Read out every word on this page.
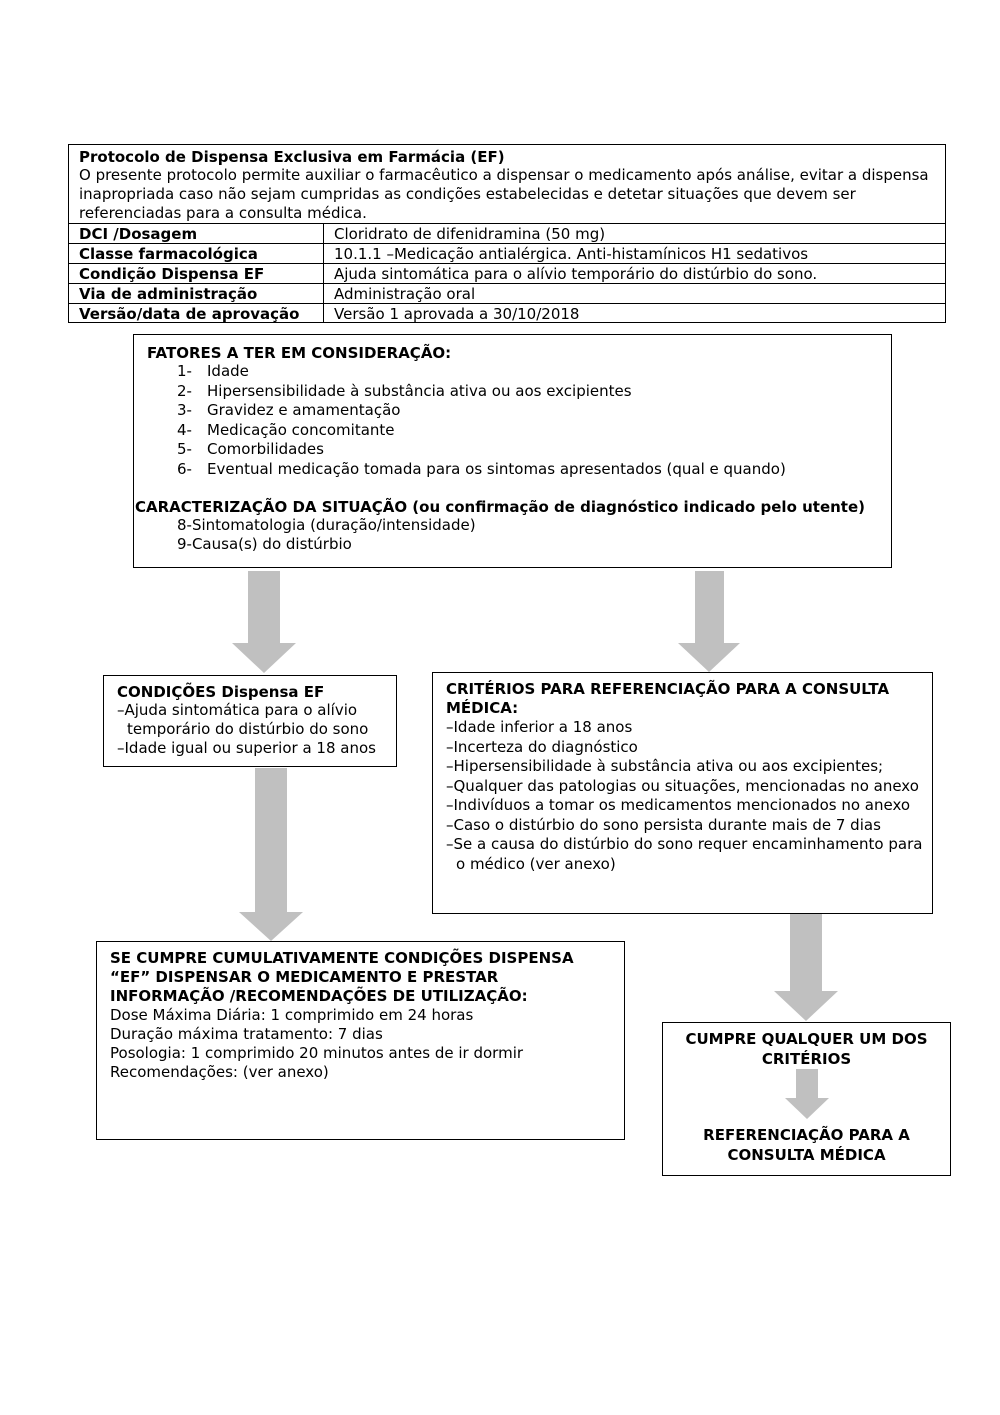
Protocolo de Dispensa Exclusiva em Farmácia (EF)
O presente protocolo permite auxiliar o farmacêutico a dispensar o medicamento após análise, evitar a dispensa inapropriada caso não sejam cumpridas as condições estabelecidas e detetar situações que devem ser referenciadas para a consulta médica.
DCI /Dosagem	Cloridrato de difenidramina (50 mg)
Classe farmacológica	10.1.1 –Medicação antialérgica. Anti-histamínicos H1 sedativos
Condição Dispensa EF	Ajuda sintomática para o alívio temporário do distúrbio do sono.
Via de administração	Administração oral
Versão/data de aprovação	Versão 1 aprovada a 30/10/2018
FATORES A TER EM CONSIDERAÇÃO:
1-	Idade
2-	Hipersensibilidade à substância ativa ou aos excipientes
3-	Gravidez e amamentação
4-	Medicação concomitante
5-	Comorbilidades
6-	Eventual medicação tomada para os sintomas apresentados (qual e quando)
CARACTERIZAÇÃO DA SITUAÇÃO (ou confirmação de diagnóstico indicado pelo utente)
8-Sintomatologia (duração/intensidade)
9-Causa(s) do distúrbio
CONDIÇÕES Dispensa EF
–Ajuda sintomática para o alívio
temporário do distúrbio do sono
–Idade igual ou superior a 18 anos
CRITÉRIOS PARA REFERENCIAÇÃO PARA A CONSULTA
MÉDICA:
–Idade inferior a 18 anos
–Incerteza do diagnóstico
–Hipersensibilidade à substância ativa ou aos excipientes;
–Qualquer das patologias ou situações, mencionadas no anexo
–Indivíduos a tomar os medicamentos mencionados no anexo
–Caso o distúrbio do sono persista durante mais de 7 dias
–Se a causa do distúrbio do sono requer encaminhamento para
o médico (ver anexo)
SE CUMPRE CUMULATIVAMENTE CONDIÇÕES DISPENSA
“EF” DISPENSAR O MEDICAMENTO E PRESTAR
INFORMAÇÃO /RECOMENDAÇÕES DE UTILIZAÇÃO:
Dose Máxima Diária: 1 comprimido em 24 horas
Duração máxima tratamento: 7 dias
Posologia: 1 comprimido 20 minutos antes de ir dormir
Recomendações: (ver anexo)
CUMPRE QUALQUER UM DOS
CRITÉRIOS
REFERENCIAÇÃO PARA A
CONSULTA MÉDICA
